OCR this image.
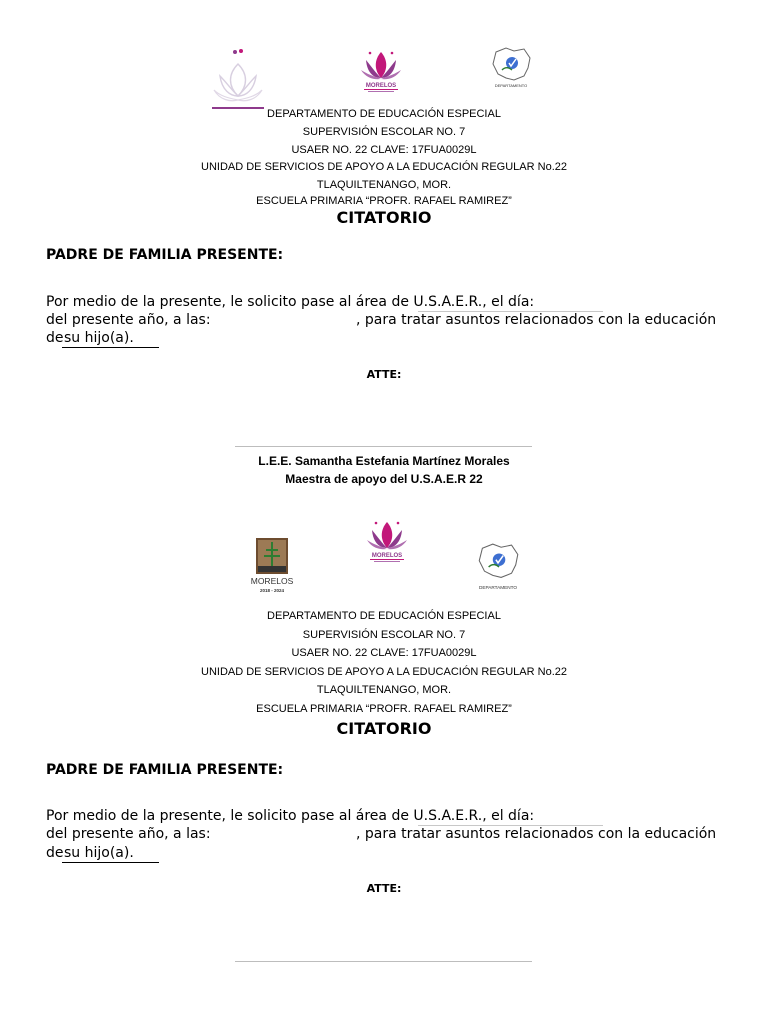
MORELOS	DEPARTAMENTO
DEPARTAMENTO DE EDUCACIÓN ESPECIAL
SUPERVISIÓN ESCOLAR NO. 7
USAER NO. 22 CLAVE: 17FUA0029L
UNIDAD DE SERVICIOS DE APOYO A LA EDUCACIÓN REGULAR No.22
TLAQUILTENANGO, MOR.
ESCUELA PRIMARIA “PROFR. RAFAEL RAMIREZ”
CITATORIO
PADRE DE FAMILIA PRESENTE:
Por medio de la presente, le solicito pase al área de U.S.A.E.R., el día:
del presente año, a las:	, para tratar asuntos relacionados con la educación
de su hijo(a).
ATTE:
L.E.E. Samantha Estefania Martínez Morales
Maestra de apoyo del U.S.A.E.R 22
MORELOS
2018 - 2024
MORELOS
DEPARTAMENTO
DEPARTAMENTO DE EDUCACIÓN ESPECIAL
SUPERVISIÓN ESCOLAR NO. 7
USAER NO. 22 CLAVE: 17FUA0029L
UNIDAD DE SERVICIOS DE APOYO A LA EDUCACIÓN REGULAR No.22
TLAQUILTENANGO, MOR.
ESCUELA PRIMARIA “PROFR. RAFAEL RAMIREZ”
CITATORIO
PADRE DE FAMILIA PRESENTE:
Por medio de la presente, le solicito pase al área de U.S.A.E.R., el día:
del presente año, a las:	, para tratar asuntos relacionados con la educación
de su hijo(a).
ATTE:
